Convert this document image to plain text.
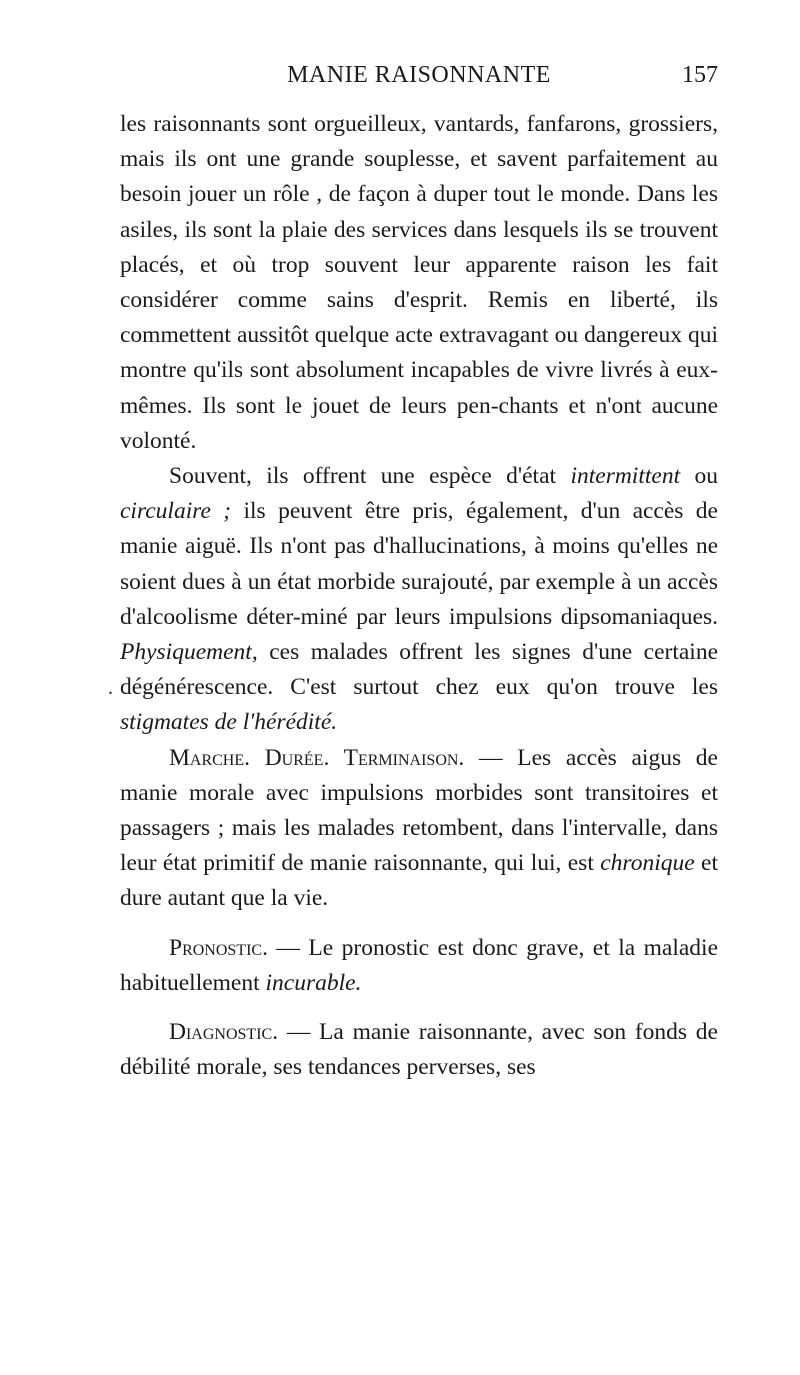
MANIE RAISONNANTE	157
.

les raisonnants sont orgueilleux, vantards, fanfarons, grossiers, mais ils ont une grande souplesse, et savent parfaitement au besoin jouer un rôle , de façon à duper tout le monde. Dans les asiles, ils sont la plaie des services dans lesquels ils se trouvent placés, et où trop souvent leur apparente raison les fait considérer comme sains d'esprit. Remis en liberté, ils commettent aussitôt quelque acte extravagant ou dangereux qui montre qu'ils sont absolument incapables de vivre livrés à eux-mêmes. Ils sont le jouet de leurs pen-chants et n'ont aucune volonté.

Souvent, ils offrent une espèce d'état intermittent ou circulaire ; ils peuvent être pris, également, d'un accès de manie aiguë. Ils n'ont pas d'hallucinations, à moins qu'elles ne soient dues à un état morbide surajouté, par exemple à un accès d'alcoolisme déter-miné par leurs impulsions dipsomaniaques. Physiquement, ces malades offrent les signes d'une certaine dégénérescence. C'est surtout chez eux qu'on trouve les stigmates de l'hérédité.

Marche. Durée. Terminaison. — Les accès aigus de manie morale avec impulsions morbides sont transitoires et passagers ; mais les malades retombent, dans l'intervalle, dans leur état primitif de manie raisonnante, qui lui, est chronique et dure autant que la vie.

Pronostic. — Le pronostic est donc grave, et la maladie habituellement incurable.

Diagnostic. — La manie raisonnante, avec son fonds de débilité morale, ses tendances perverses, ses
